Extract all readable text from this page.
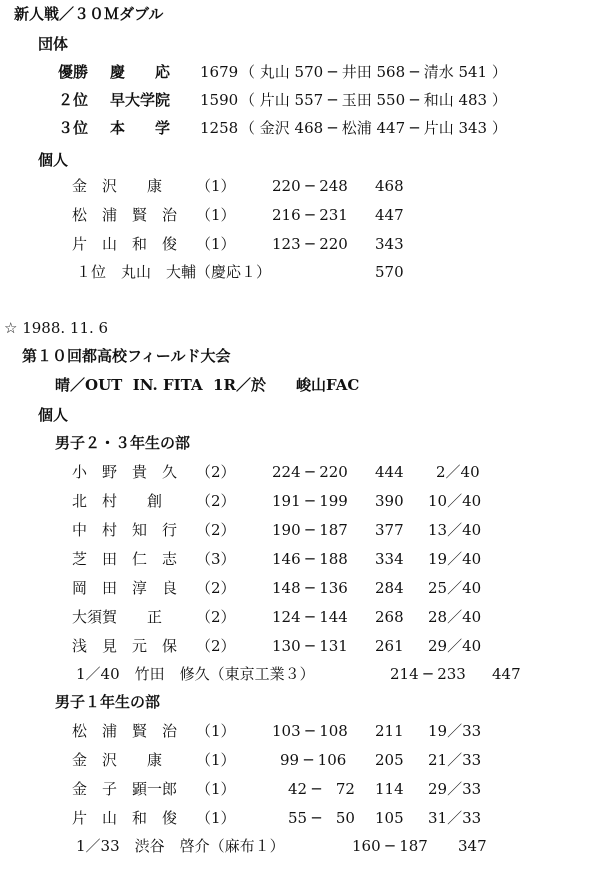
新人戦／３０Ｍダブル
団体
優勝 慶　　応 1679 （ 丸山 570 ─ 井田 568 ─ 清水 541 ）
２位 早大学院 1590 （ 片山 557 ─ 玉田 550 ─ 和山 483 ）
３位 本　　学 1258 （ 金沢 468 ─ 松浦 447 ─ 片山 343 ）
個人
金　沢　　康 （1） 220 ─ 248 468
松　浦　賢　治 （1） 216 ─ 231 447
片　山　和　俊 （1） 123 ─ 220 343
１位　丸山　大輔（慶応１）	570
☆ 1988. 11. 6
第１０回都高校フィールド大会
晴／OUT  IN. FITA  1R／於　　峻山FAC
個人
男子２・３年生の部
小　野　貴　久 （2） 224 ─ 220 444 2／40
北　村　　創 （2） 191 ─ 199 390 10／40
中　村　知　行 （2） 190 ─ 187 377 13／40
芝　田　仁　志 （3） 146 ─ 188 334 19／40
岡　田　淳　良 （2） 148 ─ 136 284 25／40
大須賀　　正 （2） 124 ─ 144 268 28／40
浅　見　元　保 （2） 130 ─ 131 261 29／40
1／40　竹田　修久（東京工業３）	214 ─ 233 447
男子１年生の部
松　浦　賢　治 （1） 103 ─ 108 211 19／33
金　沢　　康 （1）	99 ─ 106 205 21／33
金　子　顕一郎 （1）	42 ─　72 114 29／33
片　山　和　俊 （1）	55 ─　50 105 31／33
1／33　渋谷　啓介（麻布１）	160 ─ 187 347
